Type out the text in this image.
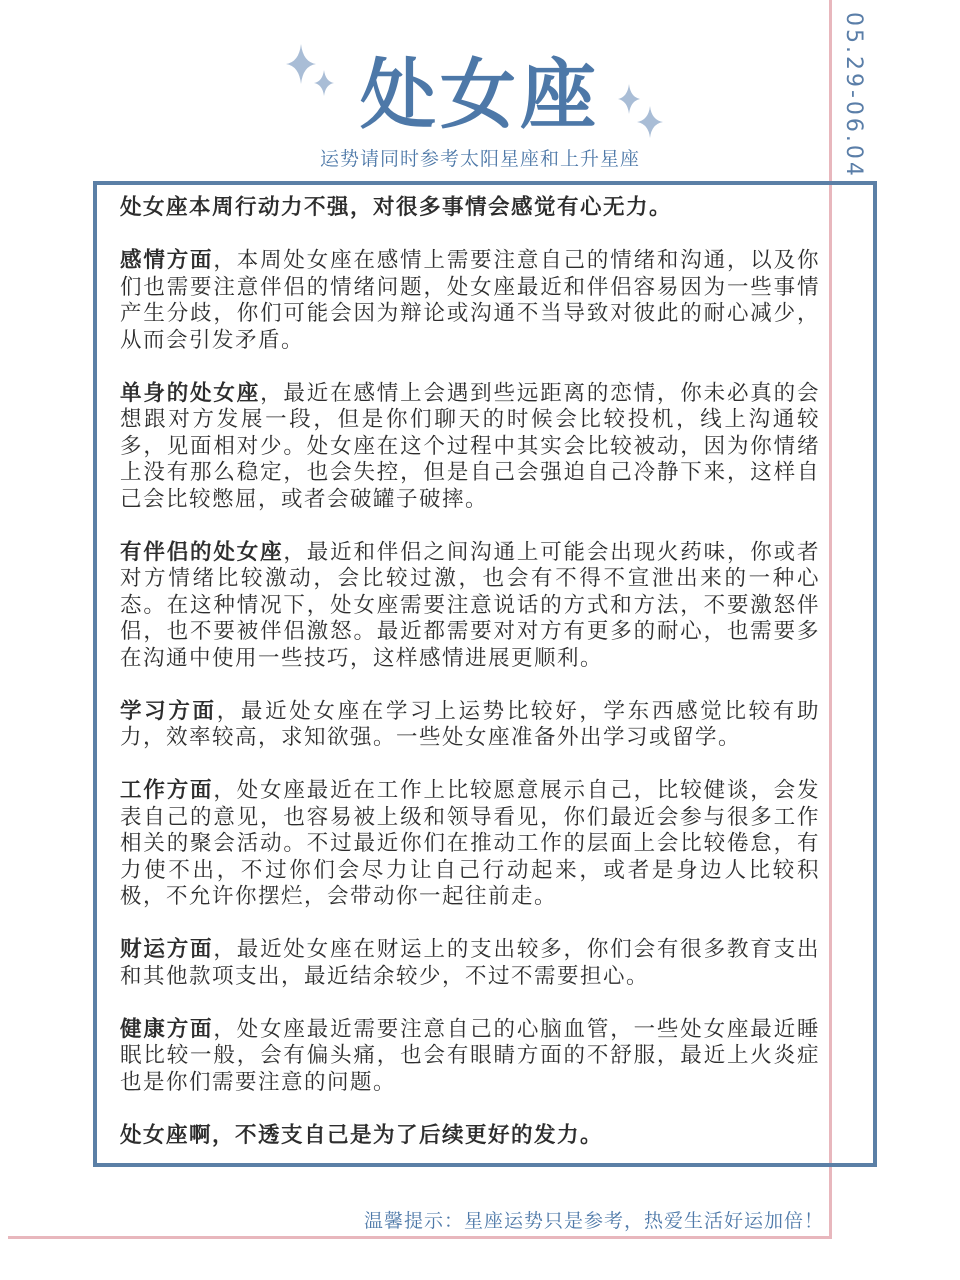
05.29-06.04
处女座
运势请同时参考太阳星座和上升星座

处女座本周行动力不强，对很多事情会感觉有心无力。

感情方面，本周处女座在感情上需要注意自己的情绪和沟通，以及你们也需要注意伴侣的情绪问题，处女座最近和伴侣容易因为一些事情产生分歧，你们可能会因为辩论或沟通不当导致对彼此的耐心减少，从而会引发矛盾。

单身的处女座，最近在感情上会遇到些远距离的恋情，你未必真的会想跟对方发展一段，但是你们聊天的时候会比较投机，线上沟通较多，见面相对少。处女座在这个过程中其实会比较被动，因为你情绪上没有那么稳定，也会失控，但是自己会强迫自己冷静下来，这样自己会比较憋屈，或者会破罐子破摔。

有伴侣的处女座，最近和伴侣之间沟通上可能会出现火药味，你或者对方情绪比较激动，会比较过激，也会有不得不宣泄出来的一种心态。在这种情况下，处女座需要注意说话的方式和方法，不要激怒伴侣，也不要被伴侣激怒。最近都需要对对方有更多的耐心，也需要多在沟通中使用一些技巧，这样感情进展更顺利。

学习方面，最近处女座在学习上运势比较好，学东西感觉比较有助力，效率较高，求知欲强。一些处女座准备外出学习或留学。

工作方面，处女座最近在工作上比较愿意展示自己，比较健谈，会发表自己的意见，也容易被上级和领导看见，你们最近会参与很多工作相关的聚会活动。不过最近你们在推动工作的层面上会比较倦怠，有力使不出，不过你们会尽力让自己行动起来，或者是身边人比较积极，不允许你摆烂，会带动你一起往前走。

财运方面，最近处女座在财运上的支出较多，你们会有很多教育支出和其他款项支出，最近结余较少，不过不需要担心。

健康方面，处女座最近需要注意自己的心脑血管，一些处女座最近睡眠比较一般，会有偏头痛，也会有眼睛方面的不舒服，最近上火炎症也是你们需要注意的问题。

处女座啊，不透支自己是为了后续更好的发力。

温馨提示：星座运势只是参考，热爱生活好运加倍！
